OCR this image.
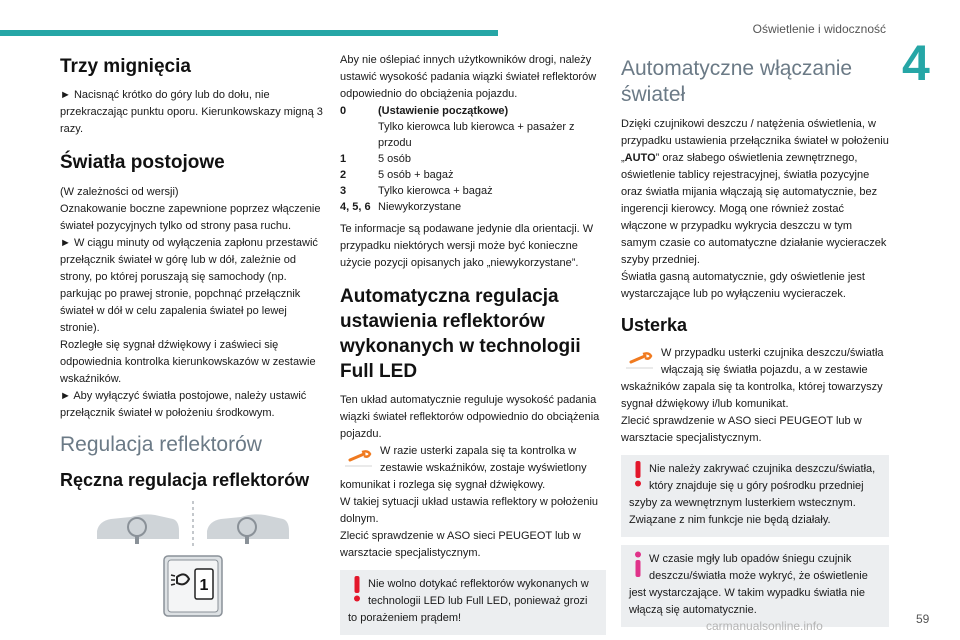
Oświetlenie i widoczność
4
Trzy mignięcia
► Nacisnąć krótko do góry lub do dołu, nie przekraczając punktu oporu. Kierunkowskazy migną 3 razy.
Światła postojowe
(W zależności od wersji)
Oznakowanie boczne zapewnione poprzez włączenie świateł pozycyjnych tylko od strony pasa ruchu.
► W ciągu minuty od wyłączenia zapłonu przestawić przełącznik świateł w górę lub w dół, zależnie od strony, po której poruszają się samochody (np. parkując po prawej stronie, popchnąć przełącznik świateł w dół w celu zapalenia świateł po lewej stronie).
Rozległe się sygnał dźwiękowy i zaświeci się odpowiednia kontrolka kierunkowskazów w zestawie wskaźników.
► Aby wyłączyć światła postojowe, należy ustawić przełącznik świateł w położeniu środkowym.
Regulacja reflektorów
Ręczna regulacja reflektorów
1
Aby nie oślepiać innych użytkowników drogi, należy ustawić wysokość padania wiązki świateł reflektorów odpowiednio do obciążenia pojazdu.
0	(Ustawienie początkowe)
Tylko kierowca lub kierowca + pasażer z przodu
1	5 osób
2	5 osób + bagaż
3	Tylko kierowca + bagaż
4, 5, 6 Niewykorzystane
Te informacje są podawane jedynie dla orientacji. W przypadku niektórych wersji może być konieczne użycie pozycji opisanych jako „niewykorzystane”.
Automatyczna regulacja ustawienia reflektorów wykonanych w technologii Full LED
Ten układ automatycznie reguluje wysokość padania wiązki świateł reflektorów odpowiednio do obciążenia pojazdu.
W razie usterki zapala się ta kontrolka w zestawie wskaźników, zostaje wyświetlony komunikat i rozlega się sygnał dźwiękowy.
W takiej sytuacji układ ustawia reflektory w położeniu dolnym.
Zlecić sprawdzenie w ASO sieci PEUGEOT lub w warsztacie specjalistycznym.
Nie wolno dotykać reflektorów wykonanych w technologii LED lub Full LED, ponieważ grozi to porażeniem prądem!
Automatyczne włączanie świateł
Dzięki czujnikowi deszczu / natężenia oświetlenia, w przypadku ustawienia przełącznika świateł w położeniu „AUTO” oraz słabego oświetlenia zewnętrznego, oświetlenie tablicy rejestracyjnej, światła pozycyjne oraz światła mijania włączają się automatycznie, bez ingerencji kierowcy. Mogą one również zostać włączone w przypadku wykrycia deszczu w tym samym czasie co automatyczne działanie wycieraczek szyby przedniej.
Światła gasną automatycznie, gdy oświetlenie jest wystarczające lub po wyłączeniu wycieraczek.
Usterka
W przypadku usterki czujnika deszczu/światła włączają się światła pojazdu, a w zestawie wskaźników zapala się ta kontrolka, której towarzyszy sygnał dźwiękowy i/lub komunikat.
Zlecić sprawdzenie w ASO sieci PEUGEOT lub w warsztacie specjalistycznym.
Nie należy zakrywać czujnika deszczu/światła, który znajduje się u góry pośrodku przedniej szyby za wewnętrznym lusterkiem wstecznym. Związane z nim funkcje nie będą działały.
W czasie mgły lub opadów śniegu czujnik deszczu/światła może wykryć, że oświetlenie jest wystarczające. W takim wypadku światła nie włączą się automatycznie.
carmanualsonline.info	59
